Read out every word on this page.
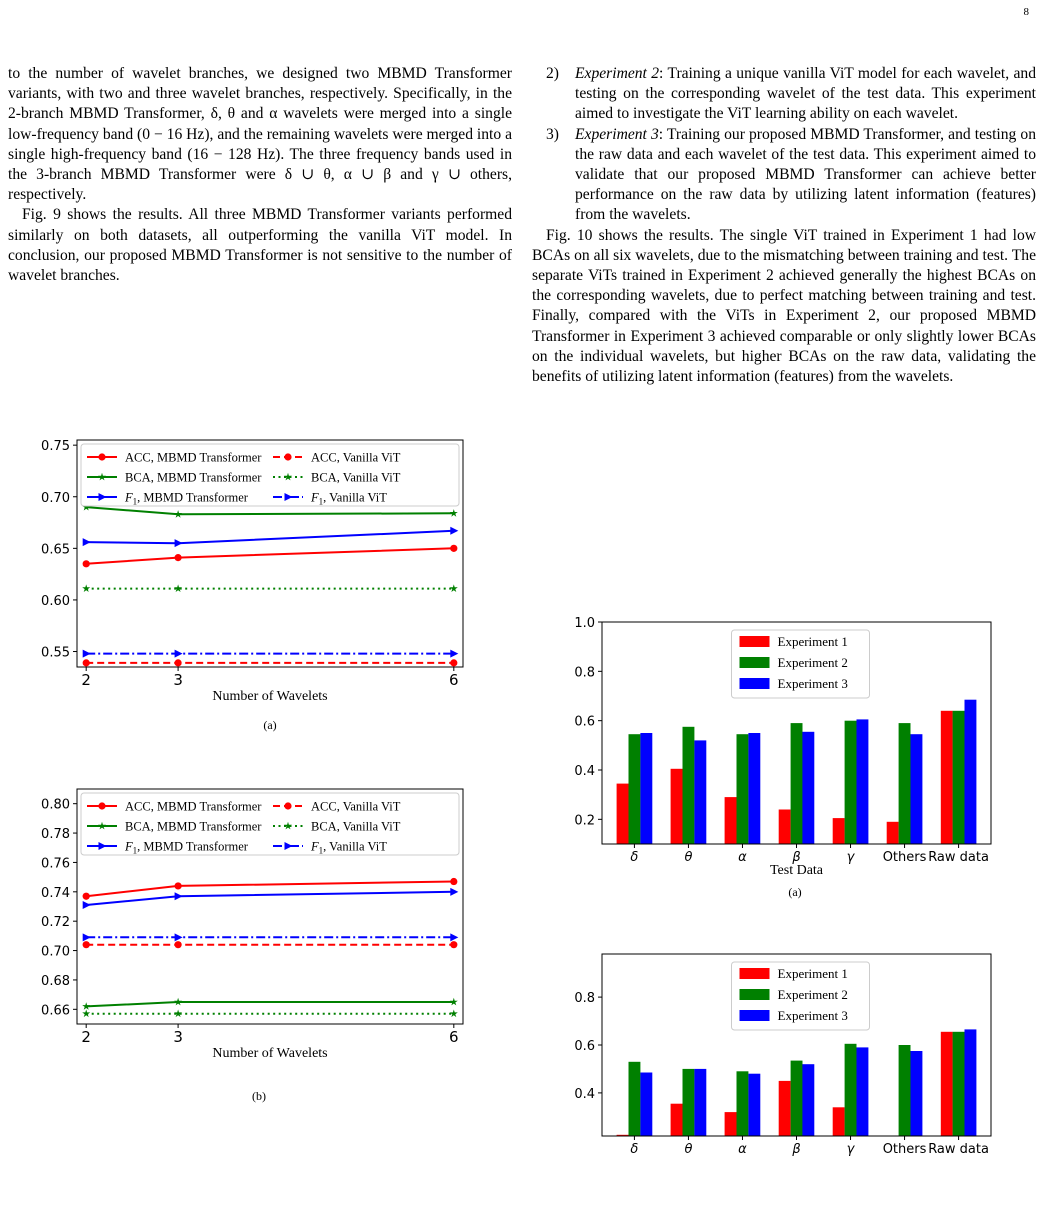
8

to the number of wavelet branches, we designed two MBMD Transformer variants, with two and three wavelet branches, respectively. Specifically, in the 2-branch MBMD Transformer, δ, θ and α wavelets were merged into a single low-frequency band (0 − 16 Hz), and the remaining wavelets were merged into a single high-frequency band (16 − 128 Hz). The three frequency bands used in the 3-branch MBMD Transformer were δ ∪ θ, α ∪ β and γ ∪ others, respectively.

Fig. 9 shows the results. All three MBMD Transformer variants performed similarly on both datasets, all outperforming the vanilla ViT model. In conclusion, our proposed MBMD Transformer is not sensitive to the number of wavelet branches.

2) Experiment 2: Training a unique vanilla ViT model for each wavelet, and testing on the corresponding wavelet of the test data. This experiment aimed to investigate the ViT learning ability on each wavelet.
3) Experiment 3: Training our proposed MBMD Transformer, and testing on the raw data and each wavelet of the test data. This experiment aimed to validate that our proposed MBMD Transformer can achieve better performance on the raw data by utilizing latent information (features) from the wavelets.

Fig. 10 shows the results. The single ViT trained in Experiment 1 had low BCAs on all six wavelets, due to the mismatching between training and test. The separate ViTs trained in Experiment 2 achieved generally the highest BCAs on the corresponding wavelets, due to perfect matching between training and test. Finally, compared with the ViTs in Experiment 2, our proposed MBMD Transformer in Experiment 3 achieved comparable or only slightly lower BCAs on the individual wavelets, but higher BCAs on the raw data, validating the benefits of utilizing latent information (features) from the wavelets.

0.55
0.60
0.65
0.70
0.75
2	3	6
Number of Wavelets
ACC, MBMD Transformer	ACC, Vanilla ViT
BCA, MBMD Transformer	BCA, Vanilla ViT
$F_1$, MBMD Transformer	$F_1$, Vanilla ViT
(a)
0.66
0.68
0.70
0.72
0.74
0.76
0.78
0.80
2	3	6
Number of Wavelets
ACC, MBMD Transformer	ACC, Vanilla ViT
BCA, MBMD Transformer	BCA, Vanilla ViT
$F_1$, MBMD Transformer	$F_1$, Vanilla ViT
(b)
0.2
0.4
0.6
0.8
1.0
δ	θ	α	β	γ Others Raw data
Test Data
Experiment 1
Experiment 2
Experiment 3
(a)
0.4
0.6
0.8
δ	θ	α	β	γ Others Raw data
Experiment 1
Experiment 2
Experiment 3
